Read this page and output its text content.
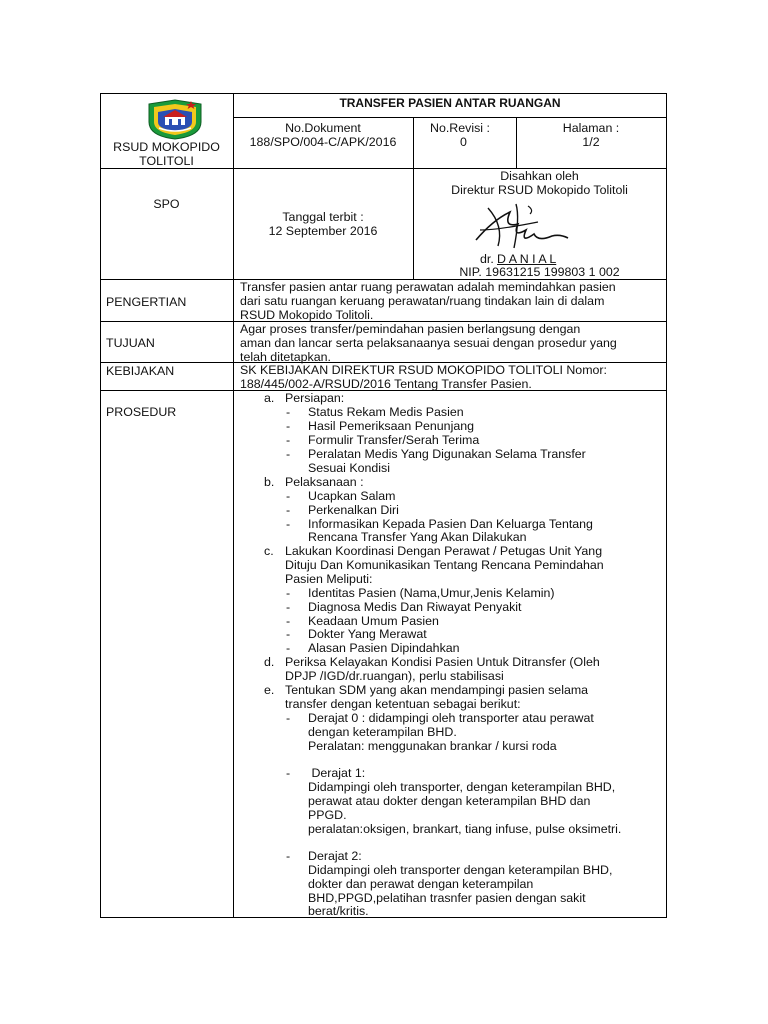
RSUD MOKOPIDO
TOLITOLI
TRANSFER PASIEN ANTAR RUANGAN
No.Dokument
188/SPO/004-C/APK/2016
No.Revisi :
0
Halaman :
1/2
SPO
Tanggal terbit :
12 September 2016
Disahkan oleh
Direktur RSUD Mokopido Tolitoli
dr. D A N I A L
NIP. 19631215 199803 1 002
PENGERTIAN
Transfer pasien antar ruang perawatan adalah memindahkan pasien
dari satu ruangan keruang perawatan/ruang tindakan lain di dalam
RSUD Mokopido Tolitoli.
TUJUAN
Agar proses transfer/pemindahan pasien berlangsung dengan
aman dan lancar serta pelaksanaanya sesuai dengan prosedur yang
telah ditetapkan.
KEBIJAKAN	SK KEBIJAKAN DIREKTUR RSUD MOKOPIDO TOLITOLI Nomor:
188/445/002-A/RSUD/2016 Tentang Transfer Pasien.
PROSEDUR
a. Persiapan:
- Status Rekam Medis Pasien
- Hasil Pemeriksaan Penunjang
- Formulir Transfer/Serah Terima
- Peralatan Medis Yang Digunakan Selama Transfer
Sesuai Kondisi
b. Pelaksanaan :
- Ucapkan Salam
- Perkenalkan Diri
- Informasikan Kepada Pasien Dan Keluarga Tentang
Rencana Transfer Yang Akan Dilakukan
c. Lakukan Koordinasi Dengan Perawat / Petugas Unit Yang
Dituju Dan Komunikasikan Tentang Rencana Pemindahan
Pasien Meliputi:
- Identitas Pasien (Nama,Umur,Jenis Kelamin)
- Diagnosa Medis Dan Riwayat Penyakit
- Keadaan Umum Pasien
- Dokter Yang Merawat
- Alasan Pasien Dipindahkan
d. Periksa Kelayakan Kondisi Pasien Untuk Ditransfer (Oleh
DPJP /IGD/dr.ruangan), perlu stabilisasi
e. Tentukan SDM yang akan mendampingi pasien selama
transfer dengan ketentuan sebagai berikut:
- Derajat 0 : didampingi oleh transporter atau perawat
dengan keterampilan BHD.
Peralatan: menggunakan brankar / kursi roda
- Derajat 1:
Didampingi oleh transporter, dengan keterampilan BHD,
perawat atau dokter dengan keterampilan BHD dan
PPGD.
peralatan:oksigen, brankart, tiang infuse, pulse oksimetri.
- Derajat 2:
Didampingi oleh transporter dengan keterampilan BHD,
dokter dan perawat dengan keterampilan
BHD,PPGD,pelatihan trasnfer pasien dengan sakit
berat/kritis.
